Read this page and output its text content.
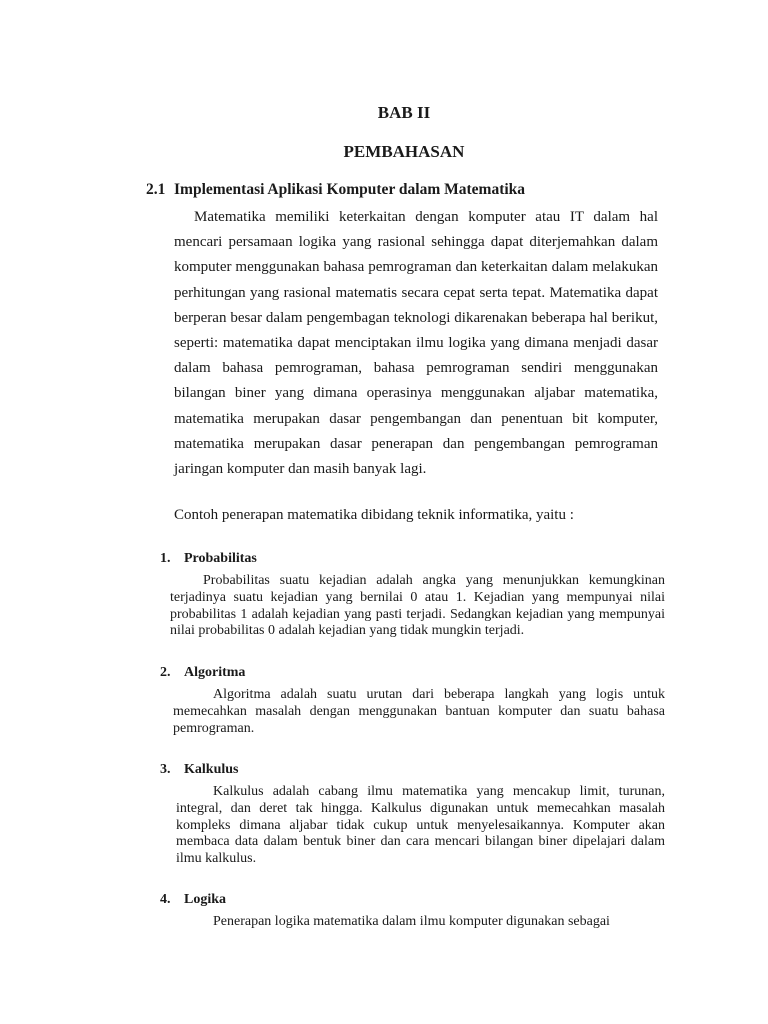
BAB II
PEMBAHASAN
2.1 Implementasi Aplikasi Komputer dalam Matematika

Matematika memiliki keterkaitan dengan komputer atau IT dalam hal mencari persamaan logika yang rasional sehingga dapat diterjemahkan dalam komputer menggunakan bahasa pemrograman dan keterkaitan dalam melakukan perhitungan yang rasional matematis secara cepat serta tepat. Matematika dapat berperan besar dalam pengembagan teknologi dikarenakan beberapa hal berikut, seperti: matematika dapat menciptakan ilmu logika yang dimana menjadi dasar dalam bahasa pemrograman, bahasa pemrograman sendiri menggunakan bilangan biner yang dimana operasinya menggunakan aljabar matematika, matematika merupakan dasar pengembangan dan penentuan bit komputer, matematika merupakan dasar penerapan dan pengembangan pemrograman jaringan komputer dan masih banyak lagi.

Contoh penerapan matematika dibidang teknik informatika, yaitu :

1. Probabilitas

Probabilitas suatu kejadian adalah angka yang menunjukkan kemungkinan terjadinya suatu kejadian yang bernilai 0 atau 1. Kejadian yang mempunyai nilai probabilitas 1 adalah kejadian yang pasti terjadi. Sedangkan kejadian yang mempunyai nilai probabilitas 0 adalah kejadian yang tidak mungkin terjadi.

2. Algoritma

Algoritma adalah suatu urutan dari beberapa langkah yang logis untuk memecahkan masalah dengan menggunakan bantuan komputer dan suatu bahasa pemrograman.

3. Kalkulus

Kalkulus adalah cabang ilmu matematika yang mencakup limit, turunan, integral, dan deret tak hingga. Kalkulus digunakan untuk memecahkan masalah kompleks dimana aljabar tidak cukup untuk menyelesaikannya. Komputer akan membaca data dalam bentuk biner dan cara mencari bilangan biner dipelajari dalam ilmu kalkulus.

4. Logika

Penerapan logika matematika dalam ilmu komputer digunakan sebagai
